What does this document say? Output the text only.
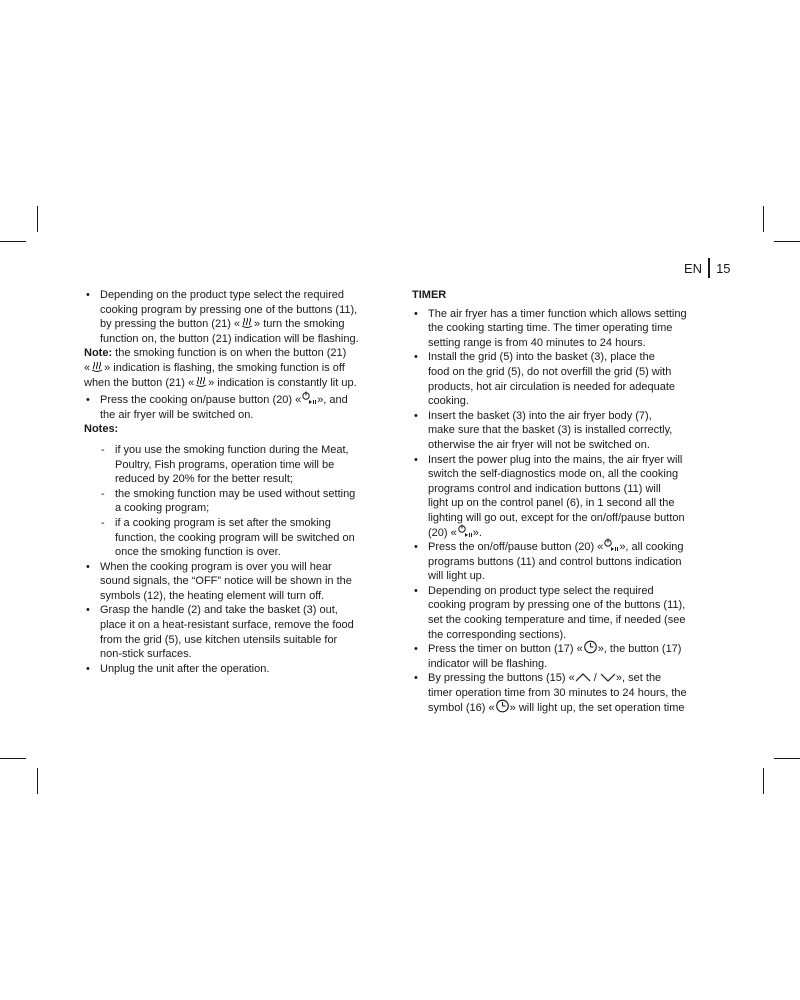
EN 15
• Depending on the product type select the required
cooking program by pressing one of the buttons (11),
by pressing the button (21) « » turn the smoking
function on, the button (21) indication will be flashing.
Note: the smoking function is on when the button (21)
« » indication is flashing, the smoking function is off
when the button (21) « » indication is constantly lit up.
• Press the cooking on/pause button (20) « », and
the air fryer will be switched on.
Notes:
- if you use the smoking function during the Meat,
Poultry, Fish programs, operation time will be
reduced by 20% for the better result;
- the smoking function may be used without setting
a cooking program;
- if a cooking program is set after the smoking
function, the cooking program will be switched on
once the smoking function is over.
• When the cooking program is over you will hear
sound signals, the “OFF” notice will be shown in the
symbols (12), the heating element will turn off.
• Grasp the handle (2) and take the basket (3) out,
place it on a heat-resistant surface, remove the food
from the grid (5), use kitchen utensils suitable for
non-stick surfaces.
• Unplug the unit after the operation.
TIMER
• The air fryer has a timer function which allows setting
the cooking starting time. The timer operating time
setting range is from 40 minutes to 24 hours.
• Install the grid (5) into the basket (3), place the
food on the grid (5), do not overfill the grid (5) with
products, hot air circulation is needed for adequate
cooking.
• Insert the basket (3) into the air fryer body (7),
make sure that the basket (3) is installed correctly,
otherwise the air fryer will not be switched on.
• Insert the power plug into the mains, the air fryer will
switch the self-diagnostics mode on, all the cooking
programs control and indication buttons (11) will
light up on the control panel (6), in 1 second all the
lighting will go out, except for the on/off/pause button
(20) « ».
• Press the on/off/pause button (20) « », all cooking
programs buttons (11) and control buttons indication
will light up.
• Depending on product type select the required
cooking program by pressing one of the buttons (11),
set the cooking temperature and time, if needed (see
the corresponding sections).
• Press the timer on button (17) « », the button (17)
indicator will be flashing.
• By pressing the buttons (15) «
/
», set the
timer operation time from 30 minutes to 24 hours, the
symbol (16) « » will light up, the set operation time
